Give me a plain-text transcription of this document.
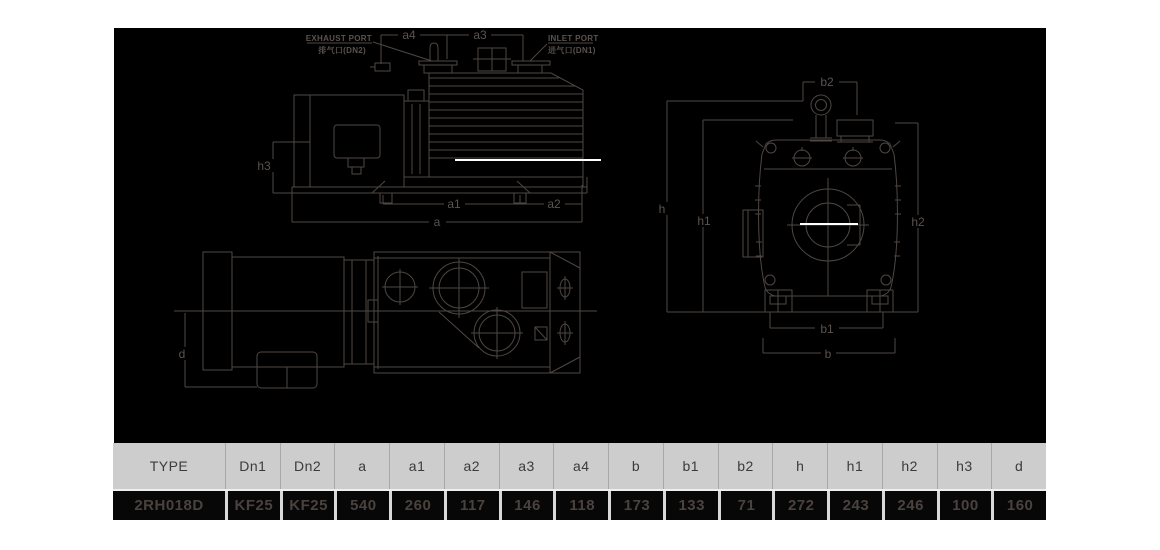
a4	a3
h3
a1	a2
a
EXHAUST PORT
排气口(DN2)
INLET PORT
进气口(DN1)
b2
h
h1	h2
b1
b
d
TYPE	Dn1	Dn2	a	a1	a2	a3	a4	b	b1	b2	h	h1	h2	h3	d
2RH018D	KF25	KF25	540	260	117	146	118	173	133	71	272	243	246	100	160
